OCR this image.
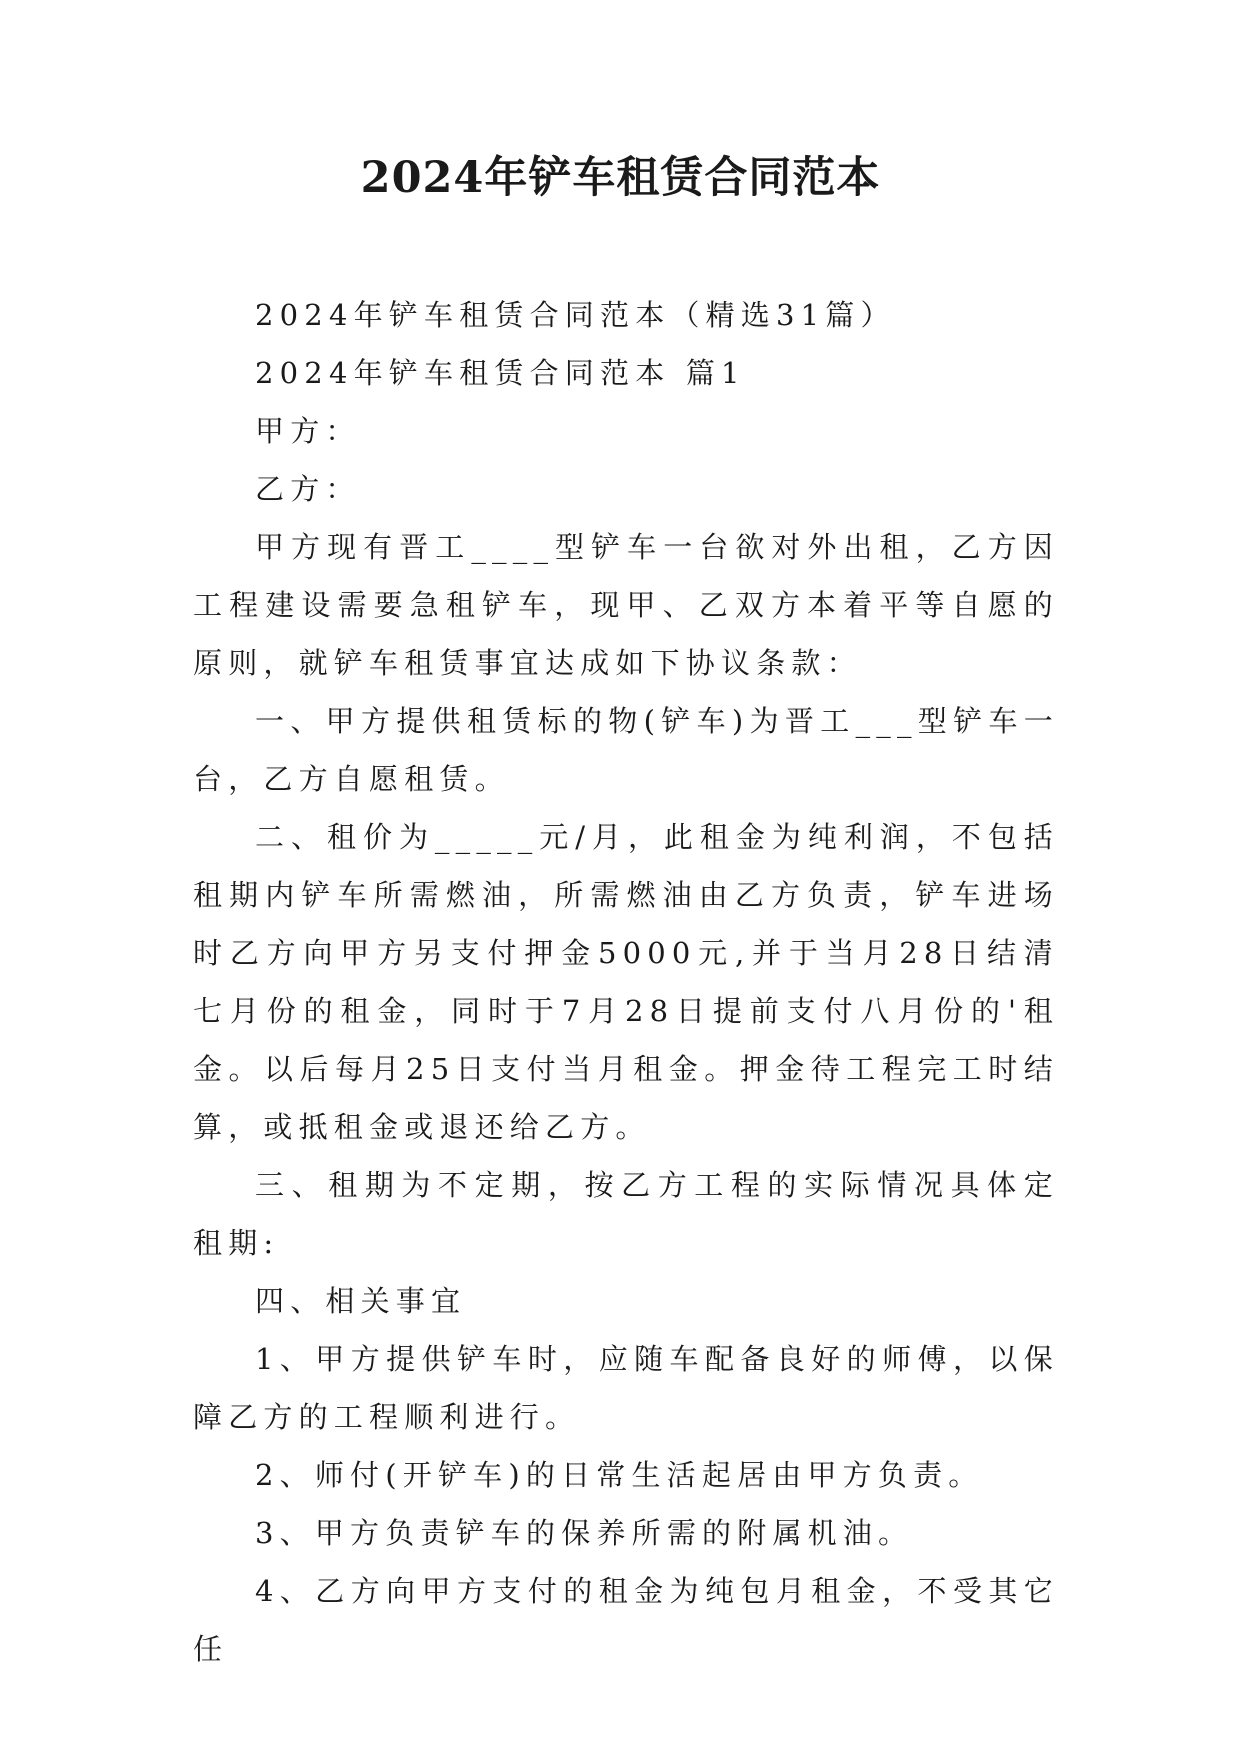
2024年铲车租赁合同范本

2024年铲车租赁合同范本（精选31篇）

2024年铲车租赁合同范本 篇1

甲方：

乙方：

甲方现有晋工____型铲车一台欲对外出租，乙方因工程建设需要急租铲车，现甲、乙双方本着平等自愿的原则，就铲车租赁事宜达成如下协议条款：

一、甲方提供租赁标的物(铲车)为晋工___型铲车一台，乙方自愿租赁。

二、租价为_____元/月，此租金为纯利润，不包括租期内铲车所需燃油，所需燃油由乙方负责，铲车进场时乙方向甲方另支付押金5000元,并于当月28日结清七月份的租金，同时于7月28日提前支付八月份的'租金。以后每月25日支付当月租金。押金待工程完工时结算，或抵租金或退还给乙方。

三、租期为不定期，按乙方工程的实际情况具体定租期:

四、相关事宜

1、甲方提供铲车时，应随车配备良好的师傅，以保障乙方的工程顺利进行。

2、师付(开铲车)的日常生活起居由甲方负责。

3、甲方负责铲车的保养所需的附属机油。

4、乙方向甲方支付的租金为纯包月租金，不受其它任
